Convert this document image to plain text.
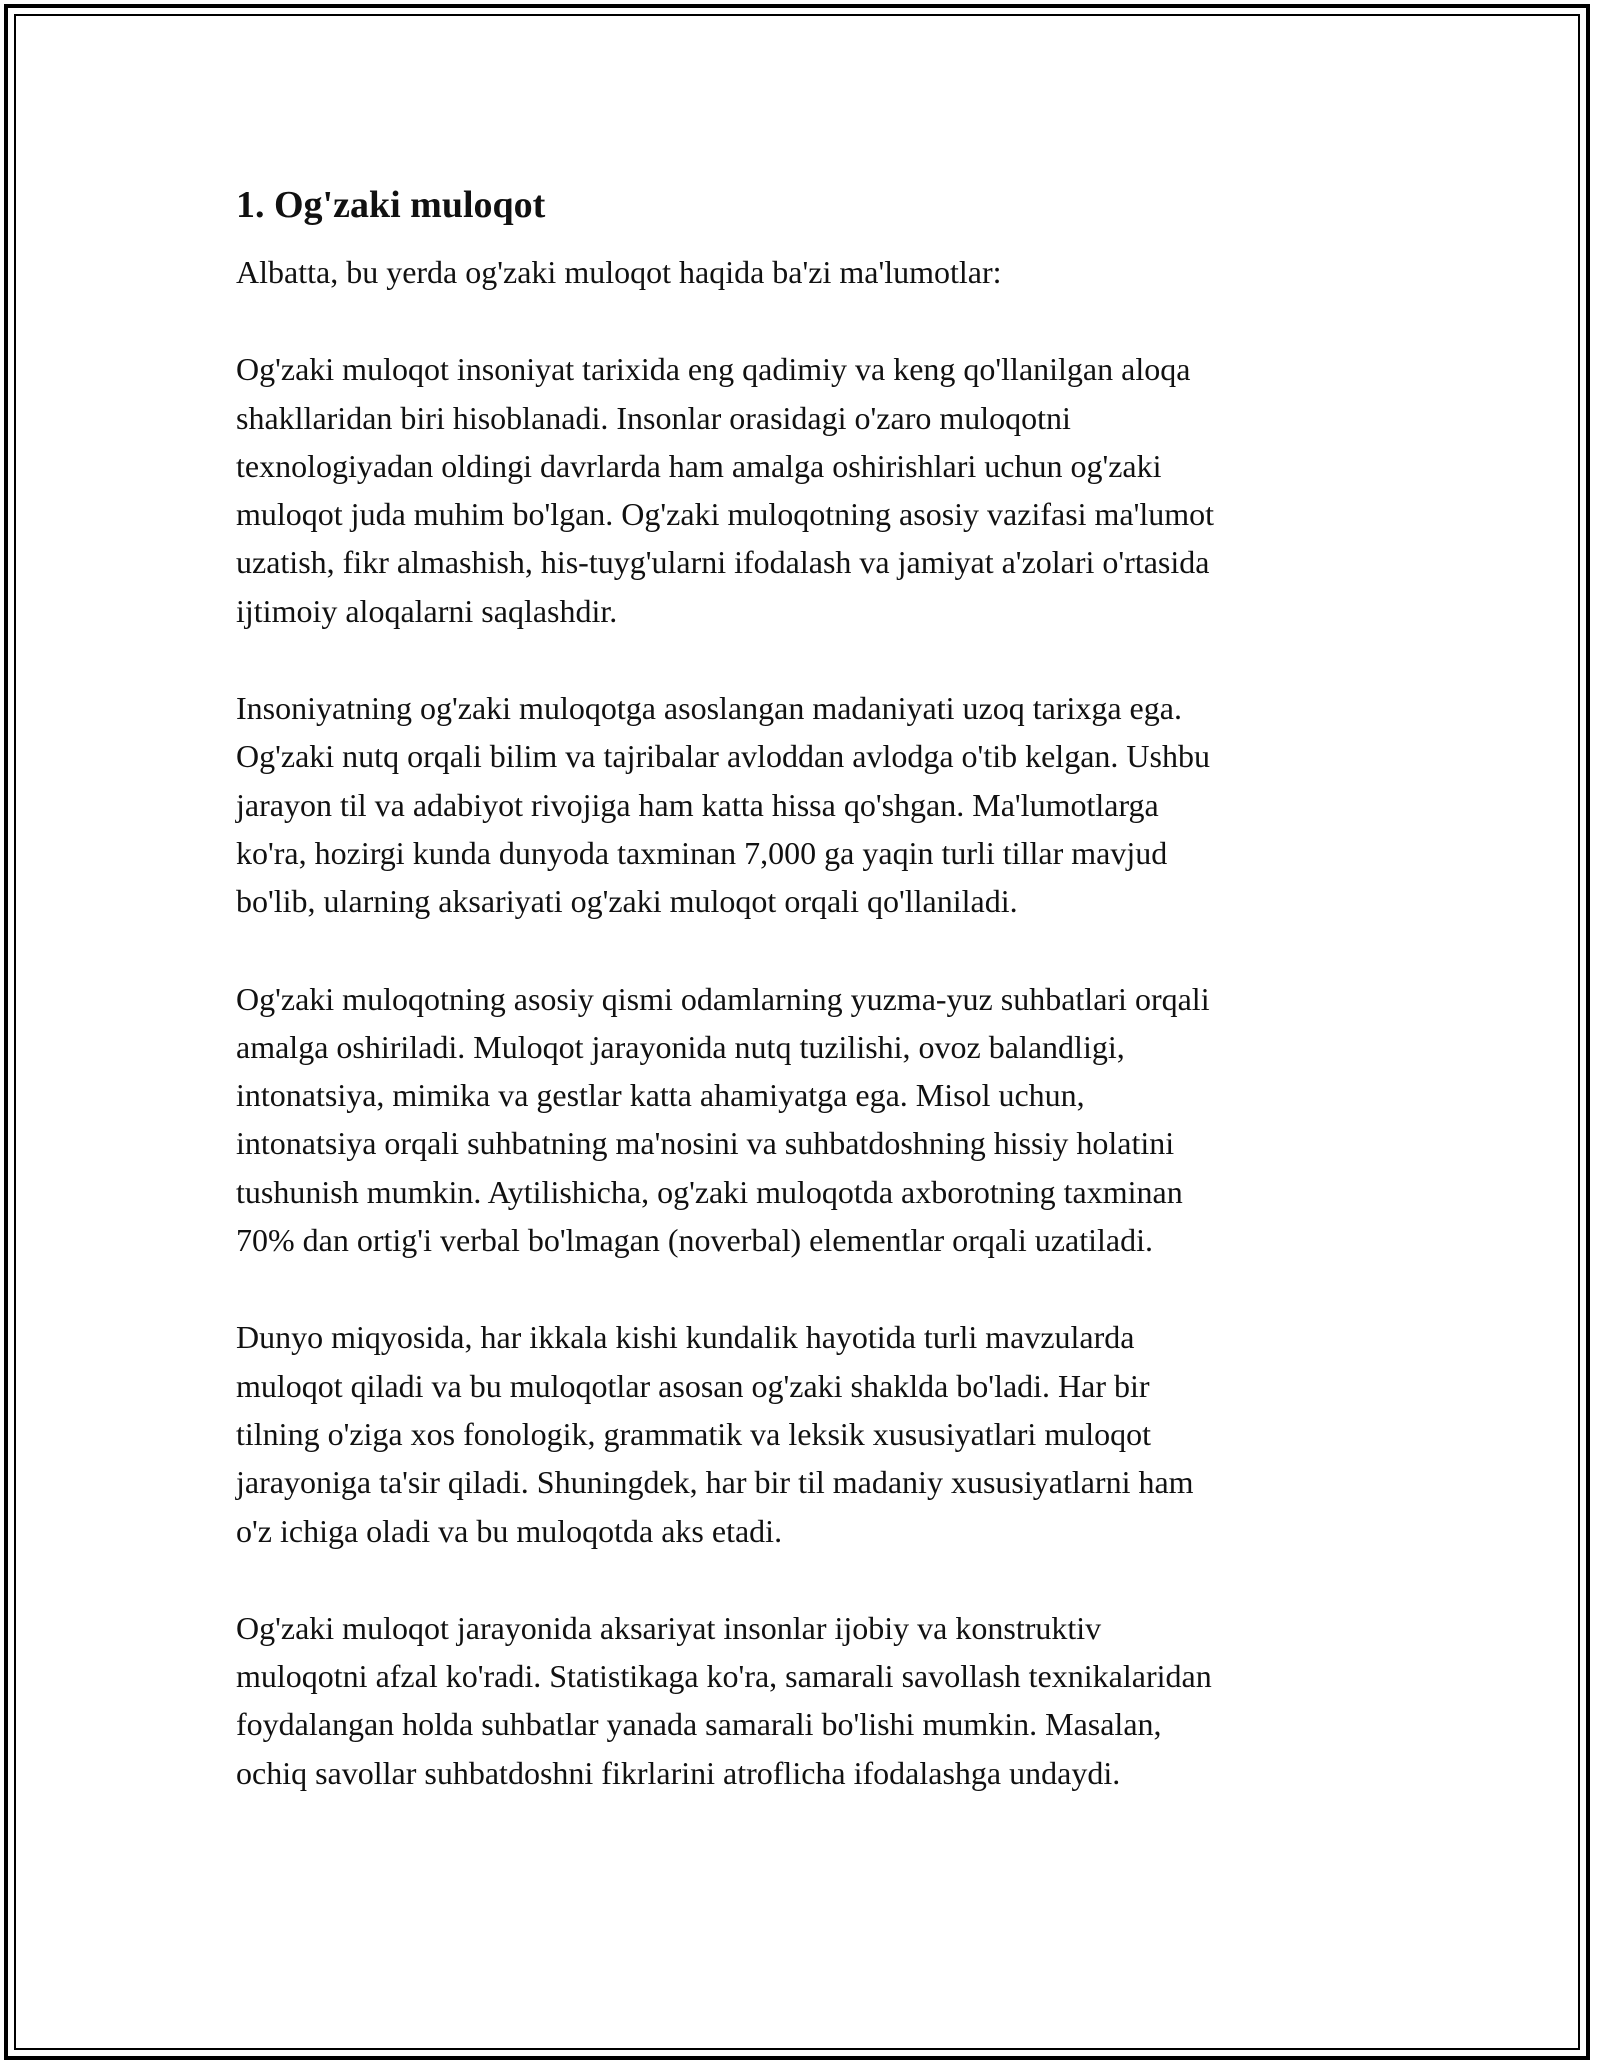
1. Og'zaki muloqot
Albatta, bu yerda og'zaki muloqot haqida ba'zi ma'lumotlar:
Og'zaki muloqot insoniyat tarixida eng qadimiy va keng qo'llanilgan aloqa
shakllaridan biri hisoblanadi. Insonlar orasidagi o'zaro muloqotni
texnologiyadan oldingi davrlarda ham amalga oshirishlari uchun og'zaki
muloqot juda muhim bo'lgan. Og'zaki muloqotning asosiy vazifasi ma'lumot
uzatish, fikr almashish, his-tuyg'ularni ifodalash va jamiyat a'zolari o'rtasida
ijtimoiy aloqalarni saqlashdir.
Insoniyatning og'zaki muloqotga asoslangan madaniyati uzoq tarixga ega.
Og'zaki nutq orqali bilim va tajribalar avloddan avlodga o'tib kelgan. Ushbu
jarayon til va adabiyot rivojiga ham katta hissa qo'shgan. Ma'lumotlarga
ko'ra, hozirgi kunda dunyoda taxminan 7,000 ga yaqin turli tillar mavjud
bo'lib, ularning aksariyati og'zaki muloqot orqali qo'llaniladi.
Og'zaki muloqotning asosiy qismi odamlarning yuzma-yuz suhbatlari orqali
amalga oshiriladi. Muloqot jarayonida nutq tuzilishi, ovoz balandligi,
intonatsiya, mimika va gestlar katta ahamiyatga ega. Misol uchun,
intonatsiya orqali suhbatning ma'nosini va suhbatdoshning hissiy holatini
tushunish mumkin. Aytilishicha, og'zaki muloqotda axborotning taxminan
70% dan ortig'i verbal bo'lmagan (noverbal) elementlar orqali uzatiladi.
Dunyo miqyosida, har ikkala kishi kundalik hayotida turli mavzularda
muloqot qiladi va bu muloqotlar asosan og'zaki shaklda bo'ladi. Har bir
tilning o'ziga xos fonologik, grammatik va leksik xususiyatlari muloqot
jarayoniga ta'sir qiladi. Shuningdek, har bir til madaniy xususiyatlarni ham
o'z ichiga oladi va bu muloqotda aks etadi.
Og'zaki muloqot jarayonida aksariyat insonlar ijobiy va konstruktiv
muloqotni afzal ko'radi. Statistikaga ko'ra, samarali savollash texnikalaridan
foydalangan holda suhbatlar yanada samarali bo'lishi mumkin. Masalan,
ochiq savollar suhbatdoshni fikrlarini atroflicha ifodalashga undaydi.
